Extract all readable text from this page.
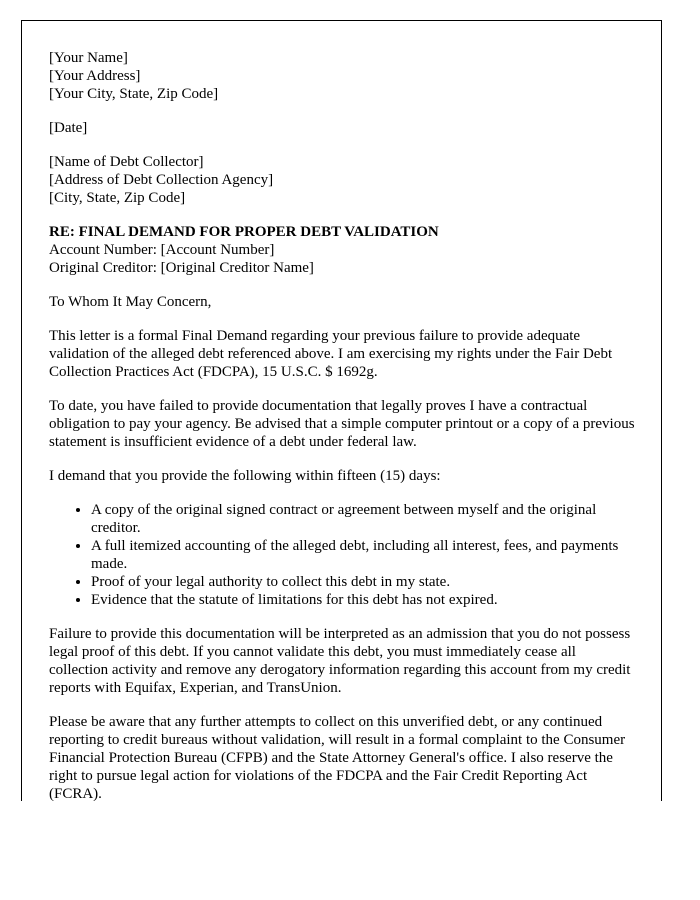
[Your Name]
[Your Address]
[Your City, State, Zip Code]
[Date]
[Name of Debt Collector]
[Address of Debt Collection Agency]
[City, State, Zip Code]
RE: FINAL DEMAND FOR PROPER DEBT VALIDATION
Account Number: [Account Number]
Original Creditor: [Original Creditor Name]
To Whom It May Concern,

This letter is a formal Final Demand regarding your previous failure to provide adequate validation of the alleged debt referenced above. I am exercising my rights under the Fair Debt Collection Practices Act (FDCPA), 15 U.S.C. $ 1692g.

To date, you have failed to provide documentation that legally proves I have a contractual obligation to pay your agency. Be advised that a simple computer printout or a copy of a previous statement is insufficient evidence of a debt under federal law.

I demand that you provide the following within fifteen (15) days:

• A copy of the original signed contract or agreement between myself and the original creditor.
• A full itemized accounting of the alleged debt, including all interest, fees, and payments made.
• Proof of your legal authority to collect this debt in my state.
• Evidence that the statute of limitations for this debt has not expired.

Failure to provide this documentation will be interpreted as an admission that you do not possess legal proof of this debt. If you cannot validate this debt, you must immediately cease all collection activity and remove any derogatory information regarding this account from my credit reports with Equifax, Experian, and TransUnion.

Please be aware that any further attempts to collect on this unverified debt, or any continued reporting to credit bureaus without validation, will result in a formal complaint to the Consumer Financial Protection Bureau (CFPB) and the State Attorney General's office. I also reserve the right to pursue legal action for violations of the FDCPA and the Fair Credit Reporting Act (FCRA).
